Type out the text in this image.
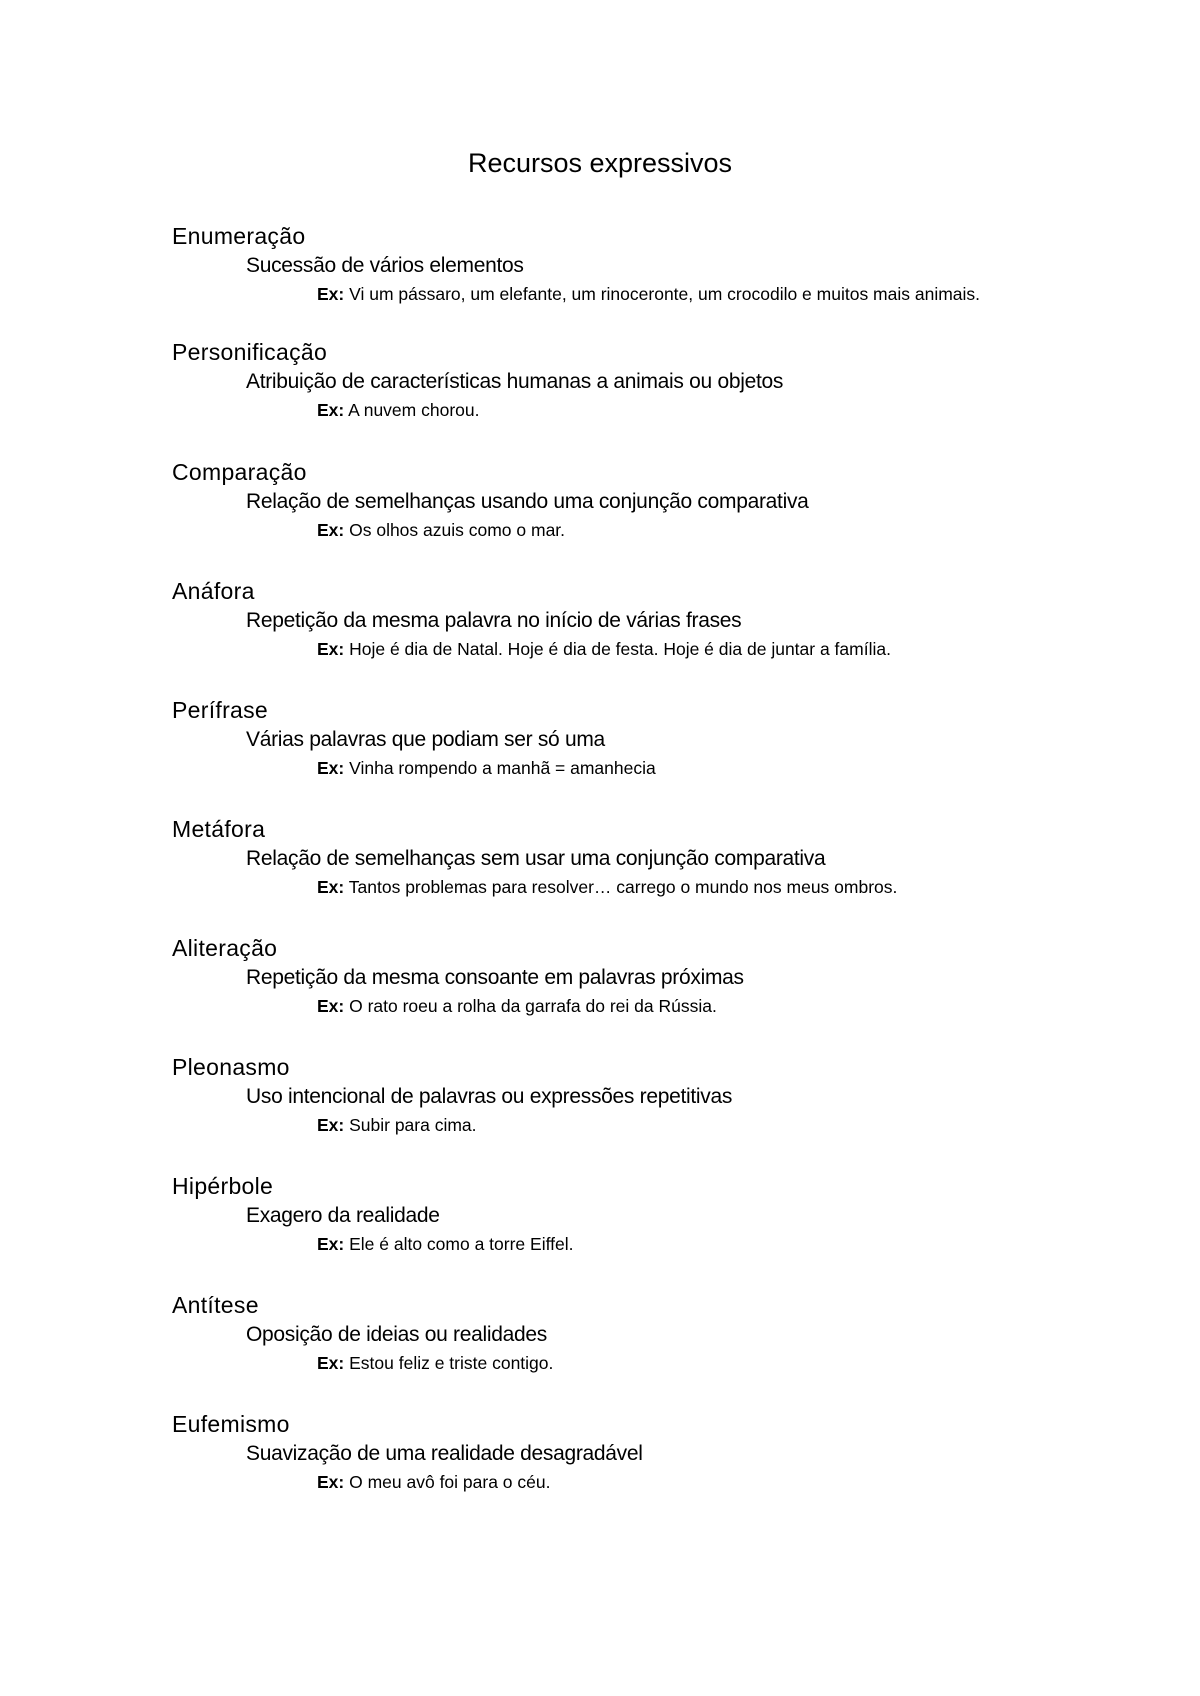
Recursos expressivos
Enumeração
Sucessão de vários elementos
Ex: Vi um pássaro, um elefante, um rinoceronte, um crocodilo e muitos mais animais.
Personificação
Atribuição de características humanas a animais ou objetos
Ex: A nuvem chorou.
Comparação
Relação de semelhanças usando uma conjunção comparativa
Ex: Os olhos azuis como o mar.
Anáfora
Repetição da mesma palavra no início de várias frases
Ex: Hoje é dia de Natal. Hoje é dia de festa. Hoje é dia de juntar a família.
Perífrase
Várias palavras que podiam ser só uma
Ex: Vinha rompendo a manhã = amanhecia
Metáfora
Relação de semelhanças sem usar uma conjunção comparativa
Ex: Tantos problemas para resolver… carrego o mundo nos meus ombros.
Aliteração
Repetição da mesma consoante em palavras próximas
Ex: O rato roeu a rolha da garrafa do rei da Rússia.
Pleonasmo
Uso intencional de palavras ou expressões repetitivas
Ex: Subir para cima.
Hipérbole
Exagero da realidade
Ex: Ele é alto como a torre Eiffel.
Antítese
Oposição de ideias ou realidades
Ex: Estou feliz e triste contigo.
Eufemismo
Suavização de uma realidade desagradável
Ex: O meu avô foi para o céu.
